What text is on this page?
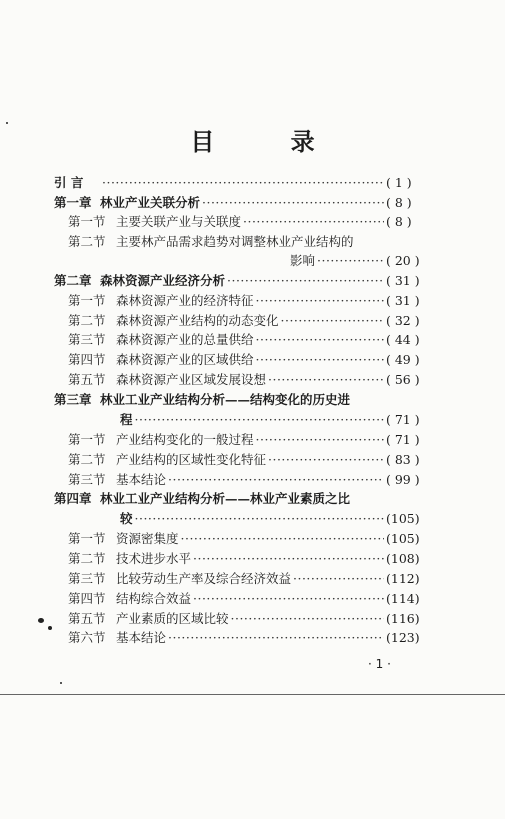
目 录
引 言 ·····	( 1 )
第一章 林业产业关联分析 ·····	( 8 )
第一节 主要关联产业与关联度 ·····	( 8 )
第二节 主要林产品需求趋势对调整林业产业结构的
影响 ·····	( 20 )
第二章 森林资源产业经济分析 ·····	( 31 )
第一节 森林资源产业的经济特征 ·····	( 31 )
第二节 森林资源产业结构的动态变化 ·····	( 32 )
第三节 森林资源产业的总量供给 ·····	( 44 )
第四节 森林资源产业的区域供给 ·····	( 49 )
第五节 森林资源产业区域发展设想 ·····	( 56 )
第三章 林业工业产业结构分析——结构变化的历史进
程 ·····	( 71 )
第一节 产业结构变化的一般过程 ·····	( 71 )
第二节 产业结构的区域性变化特征 ·····	( 83 )
第三节 基本结论 ·····	( 99 )
第四章 林业工业产业结构分析——林业产业素质之比
较 ·····	(105)
第一节 资源密集度 ·····	(105)
第二节 技术进步水平 ·····	(108)
第三节 比较劳动生产率及综合经济效益 ·····	(112)
第四节 结构综合效益 ·····	(114)
第五节 产业素质的区域比较 ·····	(116)
第六节 基本结论 ·····	(123)
· 1 ·
